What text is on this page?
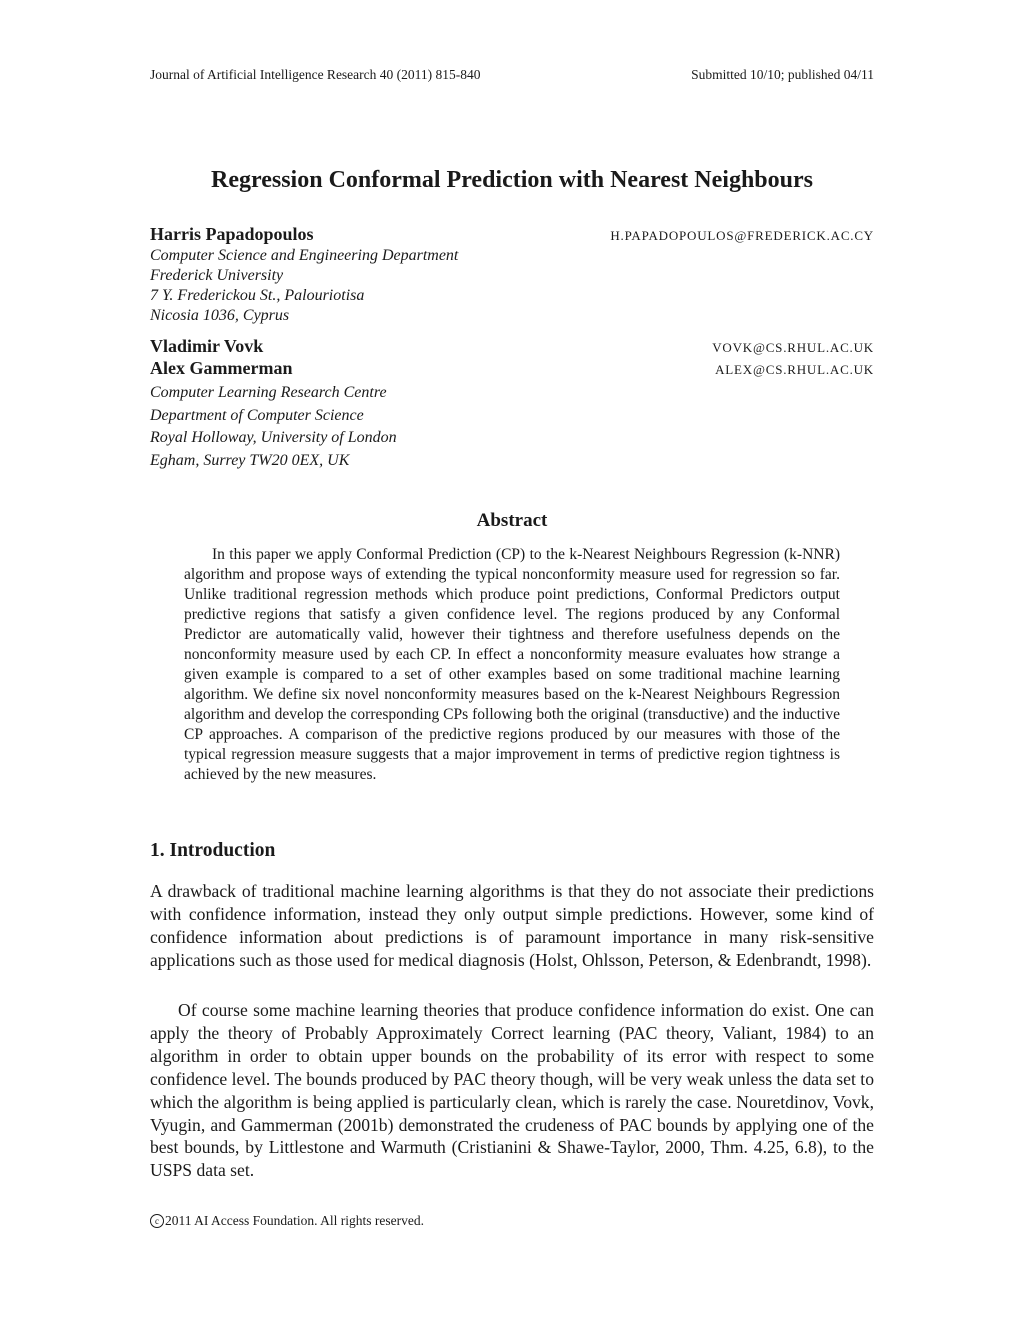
Journal of Artificial Intelligence Research 40 (2011) 815-840	Submitted 10/10; published 04/11
Regression Conformal Prediction with Nearest Neighbours
Harris Papadopoulos	H.PAPADOPOULOS@FREDERICK.AC.CY
Computer Science and Engineering Department
Frederick University
7 Y. Frederickou St., Palouriotisa
Nicosia 1036, Cyprus
Vladimir Vovk	VOVK@CS.RHUL.AC.UK
Alex Gammerman	ALEX@CS.RHUL.AC.UK
Computer Learning Research Centre
Department of Computer Science
Royal Holloway, University of London
Egham, Surrey TW20 0EX, UK
Abstract

In this paper we apply Conformal Prediction (CP) to the k-Nearest Neighbours Regression (k-NNR) algorithm and propose ways of extending the typical nonconformity measure used for regression so far. Unlike traditional regression methods which produce point predictions, Conformal Predictors output predictive regions that satisfy a given confidence level. The regions produced by any Conformal Predictor are automatically valid, however their tightness and therefore usefulness depends on the nonconformity measure used by each CP. In effect a nonconformity measure evaluates how strange a given example is compared to a set of other examples based on some traditional machine learning algorithm. We define six novel nonconformity measures based on the k-Nearest Neighbours Regression algorithm and develop the corresponding CPs following both the original (transductive) and the inductive CP approaches. A comparison of the predictive regions produced by our measures with those of the typical regression measure suggests that a major improvement in terms of predictive region tightness is achieved by the new measures.

1. Introduction

A drawback of traditional machine learning algorithms is that they do not associate their predictions with confidence information, instead they only output simple predictions. However, some kind of confidence information about predictions is of paramount importance in many risk-sensitive applications such as those used for medical diagnosis (Holst, Ohlsson, Peterson, & Edenbrandt, 1998).

Of course some machine learning theories that produce confidence information do exist. One can apply the theory of Probably Approximately Correct learning (PAC theory, Valiant, 1984) to an algorithm in order to obtain upper bounds on the probability of its error with respect to some confidence level. The bounds produced by PAC theory though, will be very weak unless the data set to which the algorithm is being applied is particularly clean, which is rarely the case. Nouretdinov, Vovk, Vyugin, and Gammerman (2001b) demonstrated the crudeness of PAC bounds by applying one of the best bounds, by Littlestone and Warmuth (Cristianini & Shawe-Taylor, 2000, Thm. 4.25, 6.8), to the USPS data set.

c 2011 AI Access Foundation. All rights reserved.
